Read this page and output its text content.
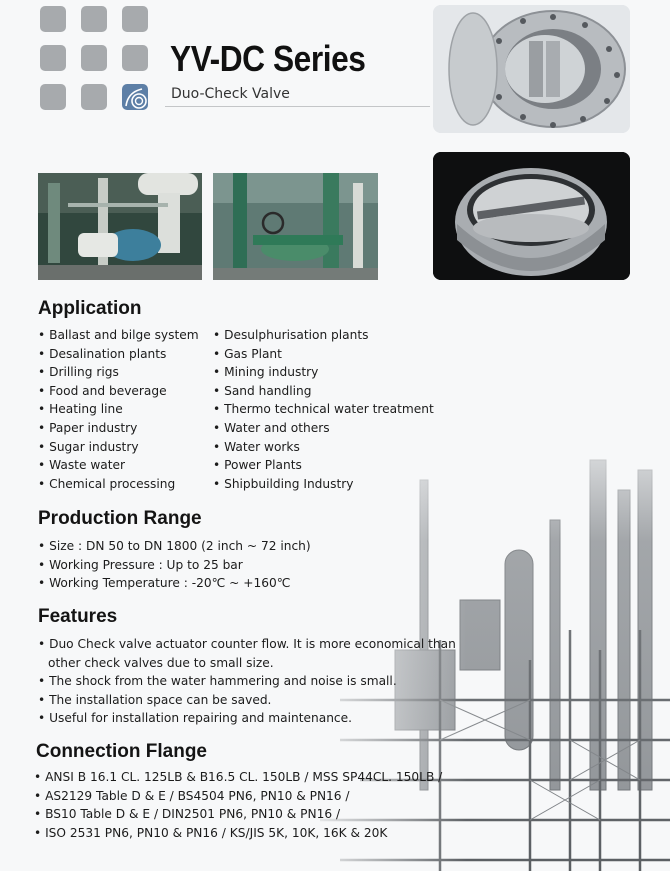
YV-DC Series
Duo-Check Valve
Application
• Ballast and bilge system
• Desalination plants
• Drilling rigs
• Food and beverage
• Heating line
• Paper industry
• Sugar industry
• Waste water
• Chemical processing
• Desulphurisation plants
• Gas Plant
• Mining industry
• Sand handling
• Thermo technical water treatment
• Water and others
• Water works
• Power Plants
• Shipbuilding Industry
Production Range
• Size : DN 50 to DN 1800 (2 inch ~ 72 inch)
• Working Pressure : Up to 25 bar
• Working Temperature : -20℃ ~ +160℃
Features
• Duo Check valve actuator counter flow. It is more economical than
other check valves due to small size.
• The shock from the water hammering and noise is small.
• The installation space can be saved.
• Useful for installation repairing and maintenance.
Connection Flange
• ANSI B 16.1 CL. 125LB & B16.5 CL. 150LB / MSS SP44CL. 150LB /
• AS2129 Table D & E / BS4504 PN6, PN10 & PN16 /
• BS10 Table D & E / DIN2501 PN6, PN10 & PN16 /
• ISO 2531 PN6, PN10 & PN16 / KS/JIS 5K, 10K, 16K & 20K
